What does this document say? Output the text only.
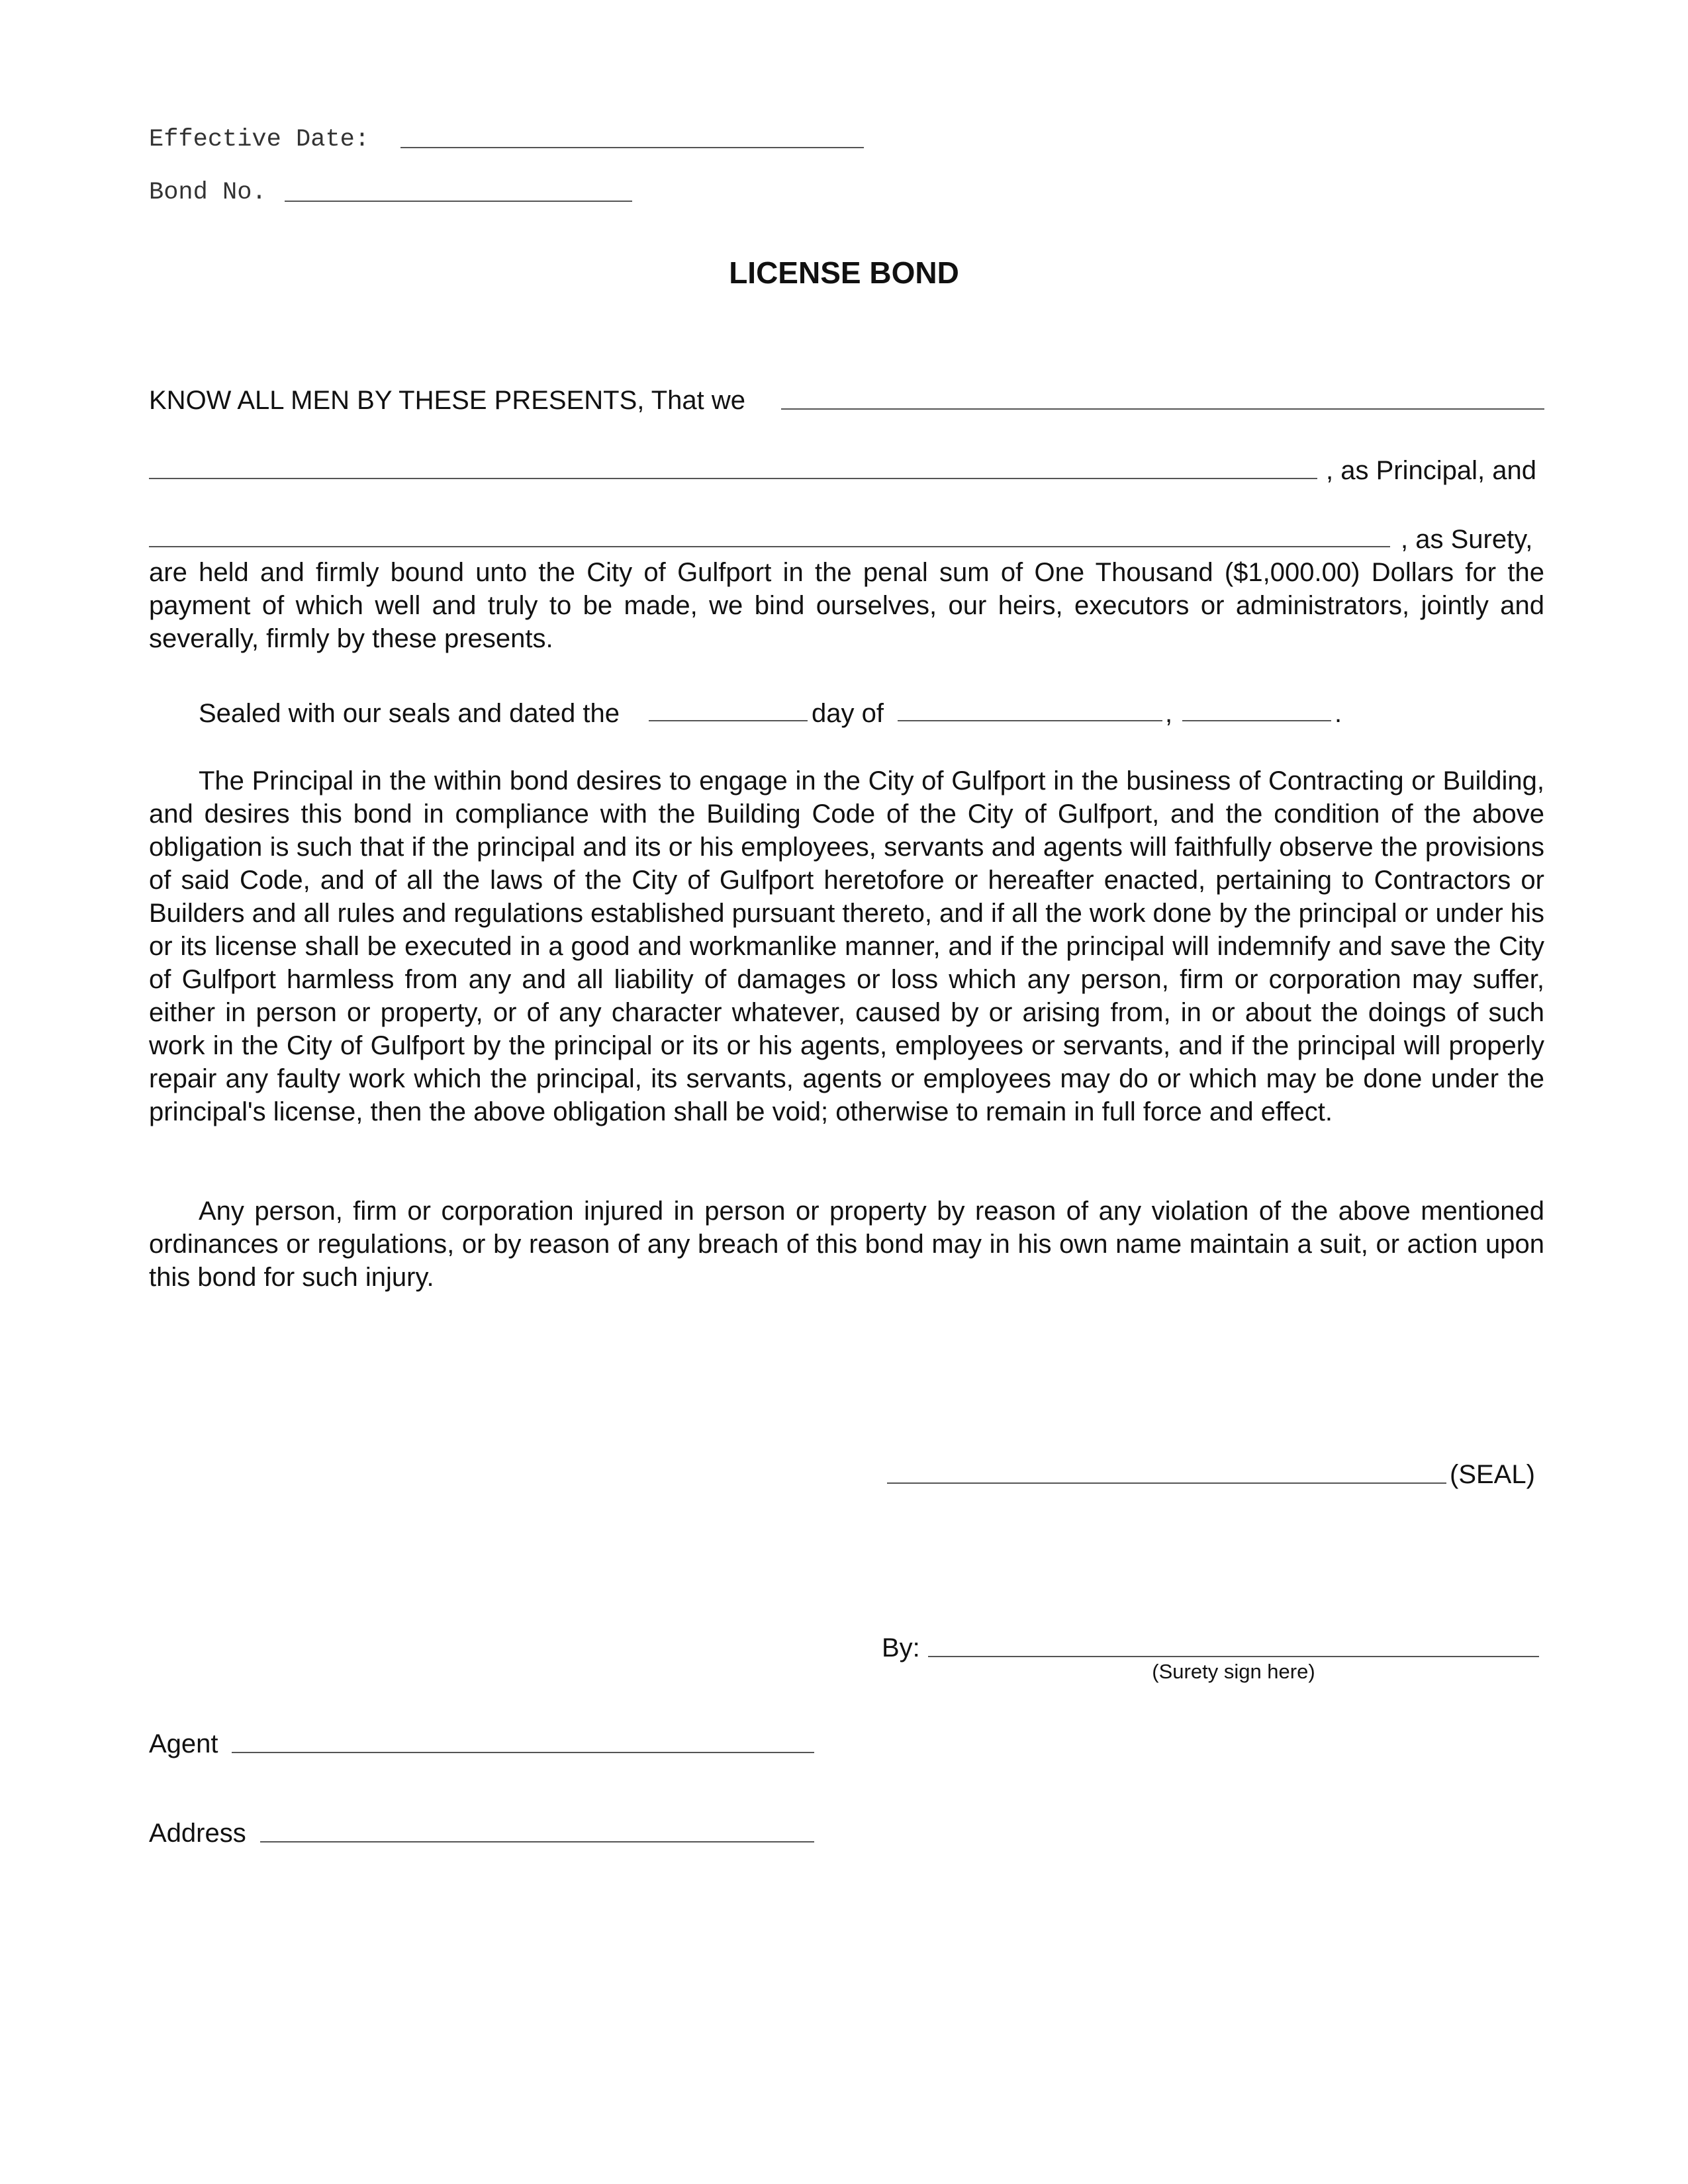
Effective Date:
Bond No.
LICENSE BOND
KNOW ALL MEN BY THESE PRESENTS, That we
, as Principal, and
, as Surety,
are held and firmly bound unto the City of Gulfport in the penal sum of One Thousand ($1,000.00) Dollars for the payment of which well and truly to be made, we bind ourselves, our heirs, executors or administrators, jointly and severally, firmly by these presents.
Sealed with our seals and dated the	day of	,	.
The Principal in the within bond desires to engage in the City of Gulfport in the business of Contracting or Building, and desires this bond in compliance with the Building Code of the City of Gulfport, and the condition of the above obligation is such that if the principal and its or his employees, servants and agents will faithfully observe the provisions of said Code, and of all the laws of the City of Gulfport heretofore or hereafter enacted, pertaining to Contractors or Builders and all rules and regulations established pursuant thereto, and if all the work done by the principal or under his or its license shall be executed in a good and workmanlike manner, and if the principal will indemnify and save the City of Gulfport harmless from any and all liability of damages or loss which any person, firm or corporation may suffer, either in person or property, or of any character whatever, caused by or arising from, in or about the doings of such work in the City of Gulfport by the principal or its or his agents, employees or servants, and if the principal will properly repair any faulty work which the principal, its servants, agents or employees may do or which may be done under the principal's license, then the above obligation shall be void; otherwise to remain in full force and effect.
Any person, firm or corporation injured in person or property by reason of any violation of the above mentioned ordinances or regulations, or by reason of any breach of this bond may in his own name maintain a suit, or action upon this bond for such injury.
(SEAL)
By:
(Surety sign here)
Agent
Address
